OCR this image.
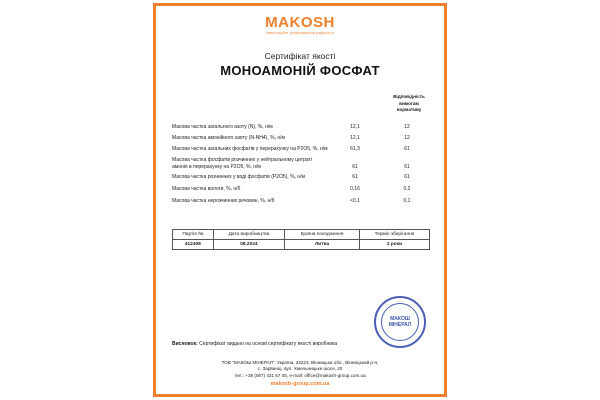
MAKOSH
Інвестиційне фінансування родючості
Сертифікат якості
МОНОАМОНІЙ ФОСФАТ
Відповідність
вимогам
нормативу
Масова частка загального азоту (N), %, н/м	12,1	12
Масова частка амонійного азоту (N-NH4), %, н/м	12,1	12
Масова частка загальних фосфатів у перерахунку на P2O5, %, н/м	61,3	61
Масова частка фосфатів розчинних у нейтральному цитраті
амонія в перерахунку на P2O5, %, н/м	61	61
Масова частка розчинних у воді фосфатів (P2O5), %, н/м	61	61
Масова частка вологи, %, н/б	0,16	0,2
Масова частка нерозчинних речовин, %, н/б	<0,1	0,1
Партія №	Дата виробництва	Країна походження	Термін зберігання
412408	08.2024	Литва	2 роки
МАКОШ
МІНЕРАЛ
Висновок: Сертифікат видано на основі сертифікату якості виробника
ТОВ "МАКОШ МІНЕРАЛ", Україна, 23223, Вінницька обл., Вінницький р-н,
с. Зарванці, вул. Хмельницьке шосе, 20
тел.: +38 (067) 431 57 05, e-mail: office@makosh-group.com.ua
makosh-group.com.ua
